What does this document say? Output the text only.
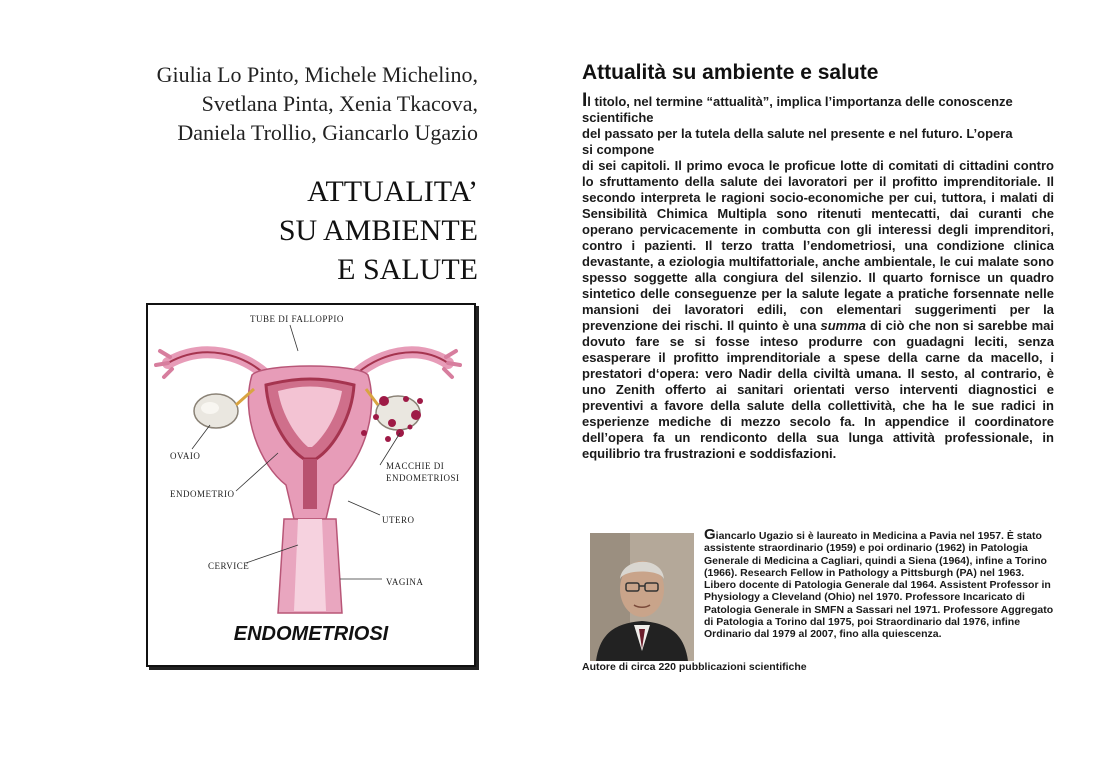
Giulia Lo Pinto, Michele Michelino,
Svetlana Pinta, Xenia Tkacova,
Daniela Trollio, Giancarlo Ugazio
ATTUALITA’
SU AMBIENTE
E SALUTE
TUBE DI FALLOPPIO
OVAIO
ENDOMETRIO
MACCHIE DI
ENDOMETRIOSI
UTERO
CERVICE
VAGINA
ENDOMETRIOSI
Attualità su ambiente e salute
Il titolo, nel termine “attualità”, implica l’importanza delle conoscenze
scientifiche
del passato per la tutela della salute nel presente e nel futuro. L’opera
si compone

di sei capitoli. Il primo evoca le proficue lotte di comitati di cittadini contro lo sfruttamento della salute dei lavoratori per il profitto imprenditoriale. Il secondo interpreta le ragioni socio-economiche per cui, tuttora, i malati di Sensibilità Chimica Multipla sono ritenuti mentecatti, dai curanti che operano pervicacemente in combutta con gli interessi degli imprenditori, contro i pazienti. Il terzo tratta l’endometriosi, una condizione clinica devastante, a eziologia multifattoriale, anche ambientale, le cui malate sono spesso soggette alla congiura del silenzio. Il quarto fornisce un quadro sintetico delle conseguenze per la salute legate a pratiche forsennate nelle mansioni dei lavoratori edili, con elementari suggerimenti per la prevenzione dei rischi. Il quinto è una summa di ciò che non si sarebbe mai dovuto fare se si fosse inteso produrre con guadagni leciti, senza esasperare il profitto imprenditoriale a spese della carne da macello, i prestatori d‘opera: vero Nadir della civiltà umana. Il sesto, al contrario, è uno Zenith offerto ai sanitari orientati verso interventi diagnostici e preventivi a favore della salute della collettività, che ha le sue radici in esperienze mediche di mezzo secolo fa. In appendice il coordinatore dell’opera fa un rendiconto della sua lunga attività professionale, in equilibrio tra frustrazioni e soddisfazioni.

Giancarlo Ugazio si è laureato in Medicina a Pavia nel 1957. È stato assistente straordinario (1959) e poi ordinario (1962) in Patologia Generale di Medicina a Cagliari, quindi a Siena (1964), infine a Torino (1966). Research Fellow in Pathology a Pittsburgh (PA) nel 1963. Libero docente di Patologia Generale dal 1964. Assistent Professor in Physiology a Cleveland (Ohio) nel 1970. Professore Incaricato di Patologia Generale in SMFN a Sassari nel 1971. Professore Aggregato di Patologia a Torino dal 1975, poi Straordinario dal 1976, infine Ordinario dal 1979 al 2007, fino alla quiescenza.
Autore di circa 220 pubblicazioni scientifiche
